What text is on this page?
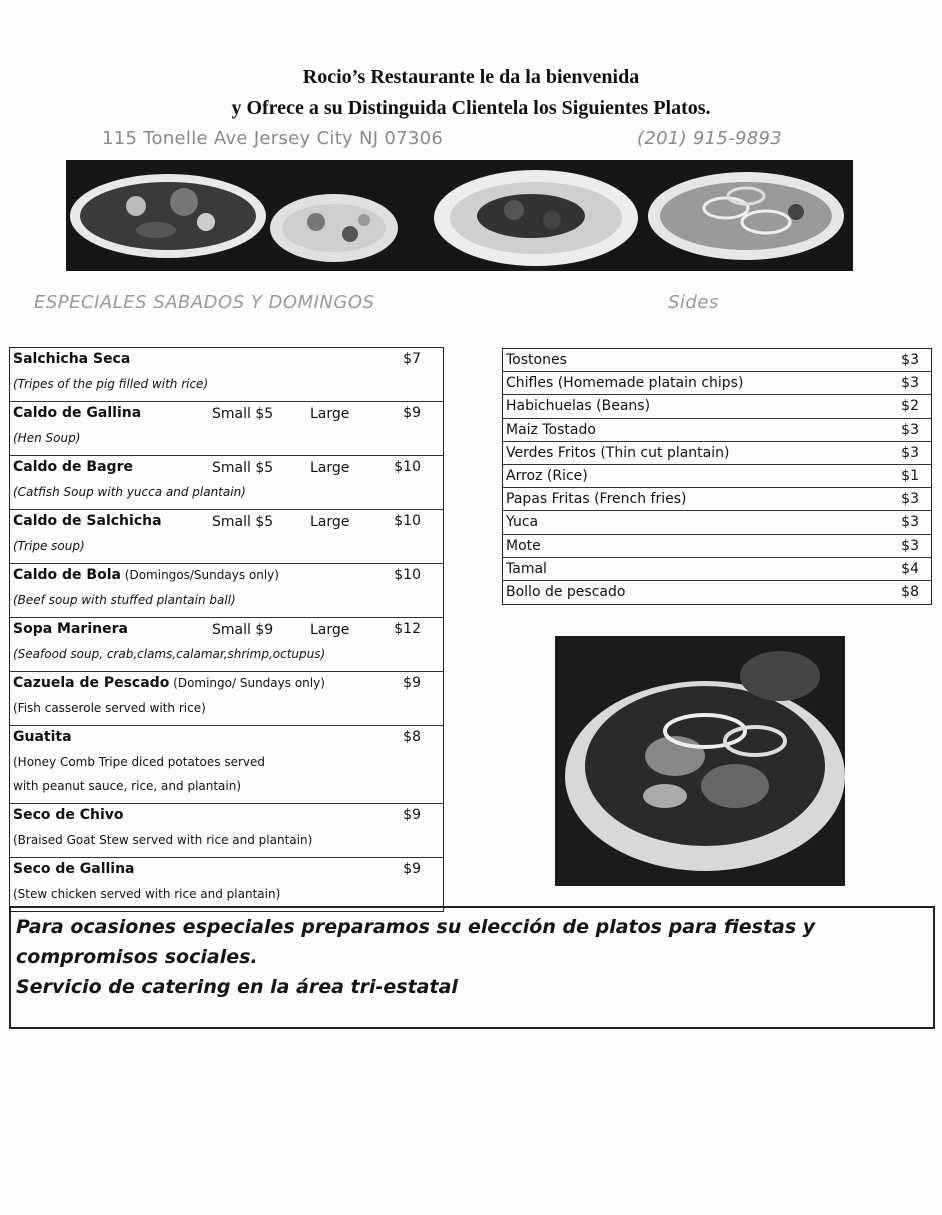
Rocio’s Restaurante le da la bienvenida
y Ofrece a su Distinguida Clientela los Siguientes Platos.
115 Tonelle Ave Jersey City NJ 07306	(201) 915-9893
ESPECIALES SABADOS Y DOMINGOS	Sides
Salchicha Seca	$7
(Tripes of the pig filled with rice)
Caldo de Gallina	Small $5	Large	$9
(Hen Soup)
Caldo de Bagre	Small $5	Large	$10
(Catfish Soup with yucca and plantain)
Caldo de Salchicha	Small $5	Large	$10
(Tripe soup)
Caldo de Bola (Domingos/Sundays only)	$10
(Beef soup with stuffed plantain ball)
Sopa Marinera	Small $9	Large	$12
(Seafood soup, crab,clams,calamar,shrimp,octupus)
Cazuela de Pescado (Domingo/ Sundays only)	$9
(Fish casserole served with rice)
Guatita	$8
(Honey Comb Tripe diced potatoes served
with peanut sauce, rice, and plantain)
Seco de Chivo	$9
(Braised Goat Stew served with rice and plantain)
Seco de Gallina	$9
(Stew chicken served with rice and plantain)
Tostones	$3
Chifles (Homemade platain chips)	$3
Habichuelas (Beans)	$2
Maiz Tostado	$3
Verdes Fritos (Thin cut plantain)	$3
Arroz (Rice)	$1
Papas Fritas (French fries)	$3
Yuca	$3
Mote	$3
Tamal	$4
Bollo de pescado	$8
Para ocasiones especiales preparamos su elección de platos para fiestas y
compromisos sociales.
Servicio de catering en la área tri-estatal
